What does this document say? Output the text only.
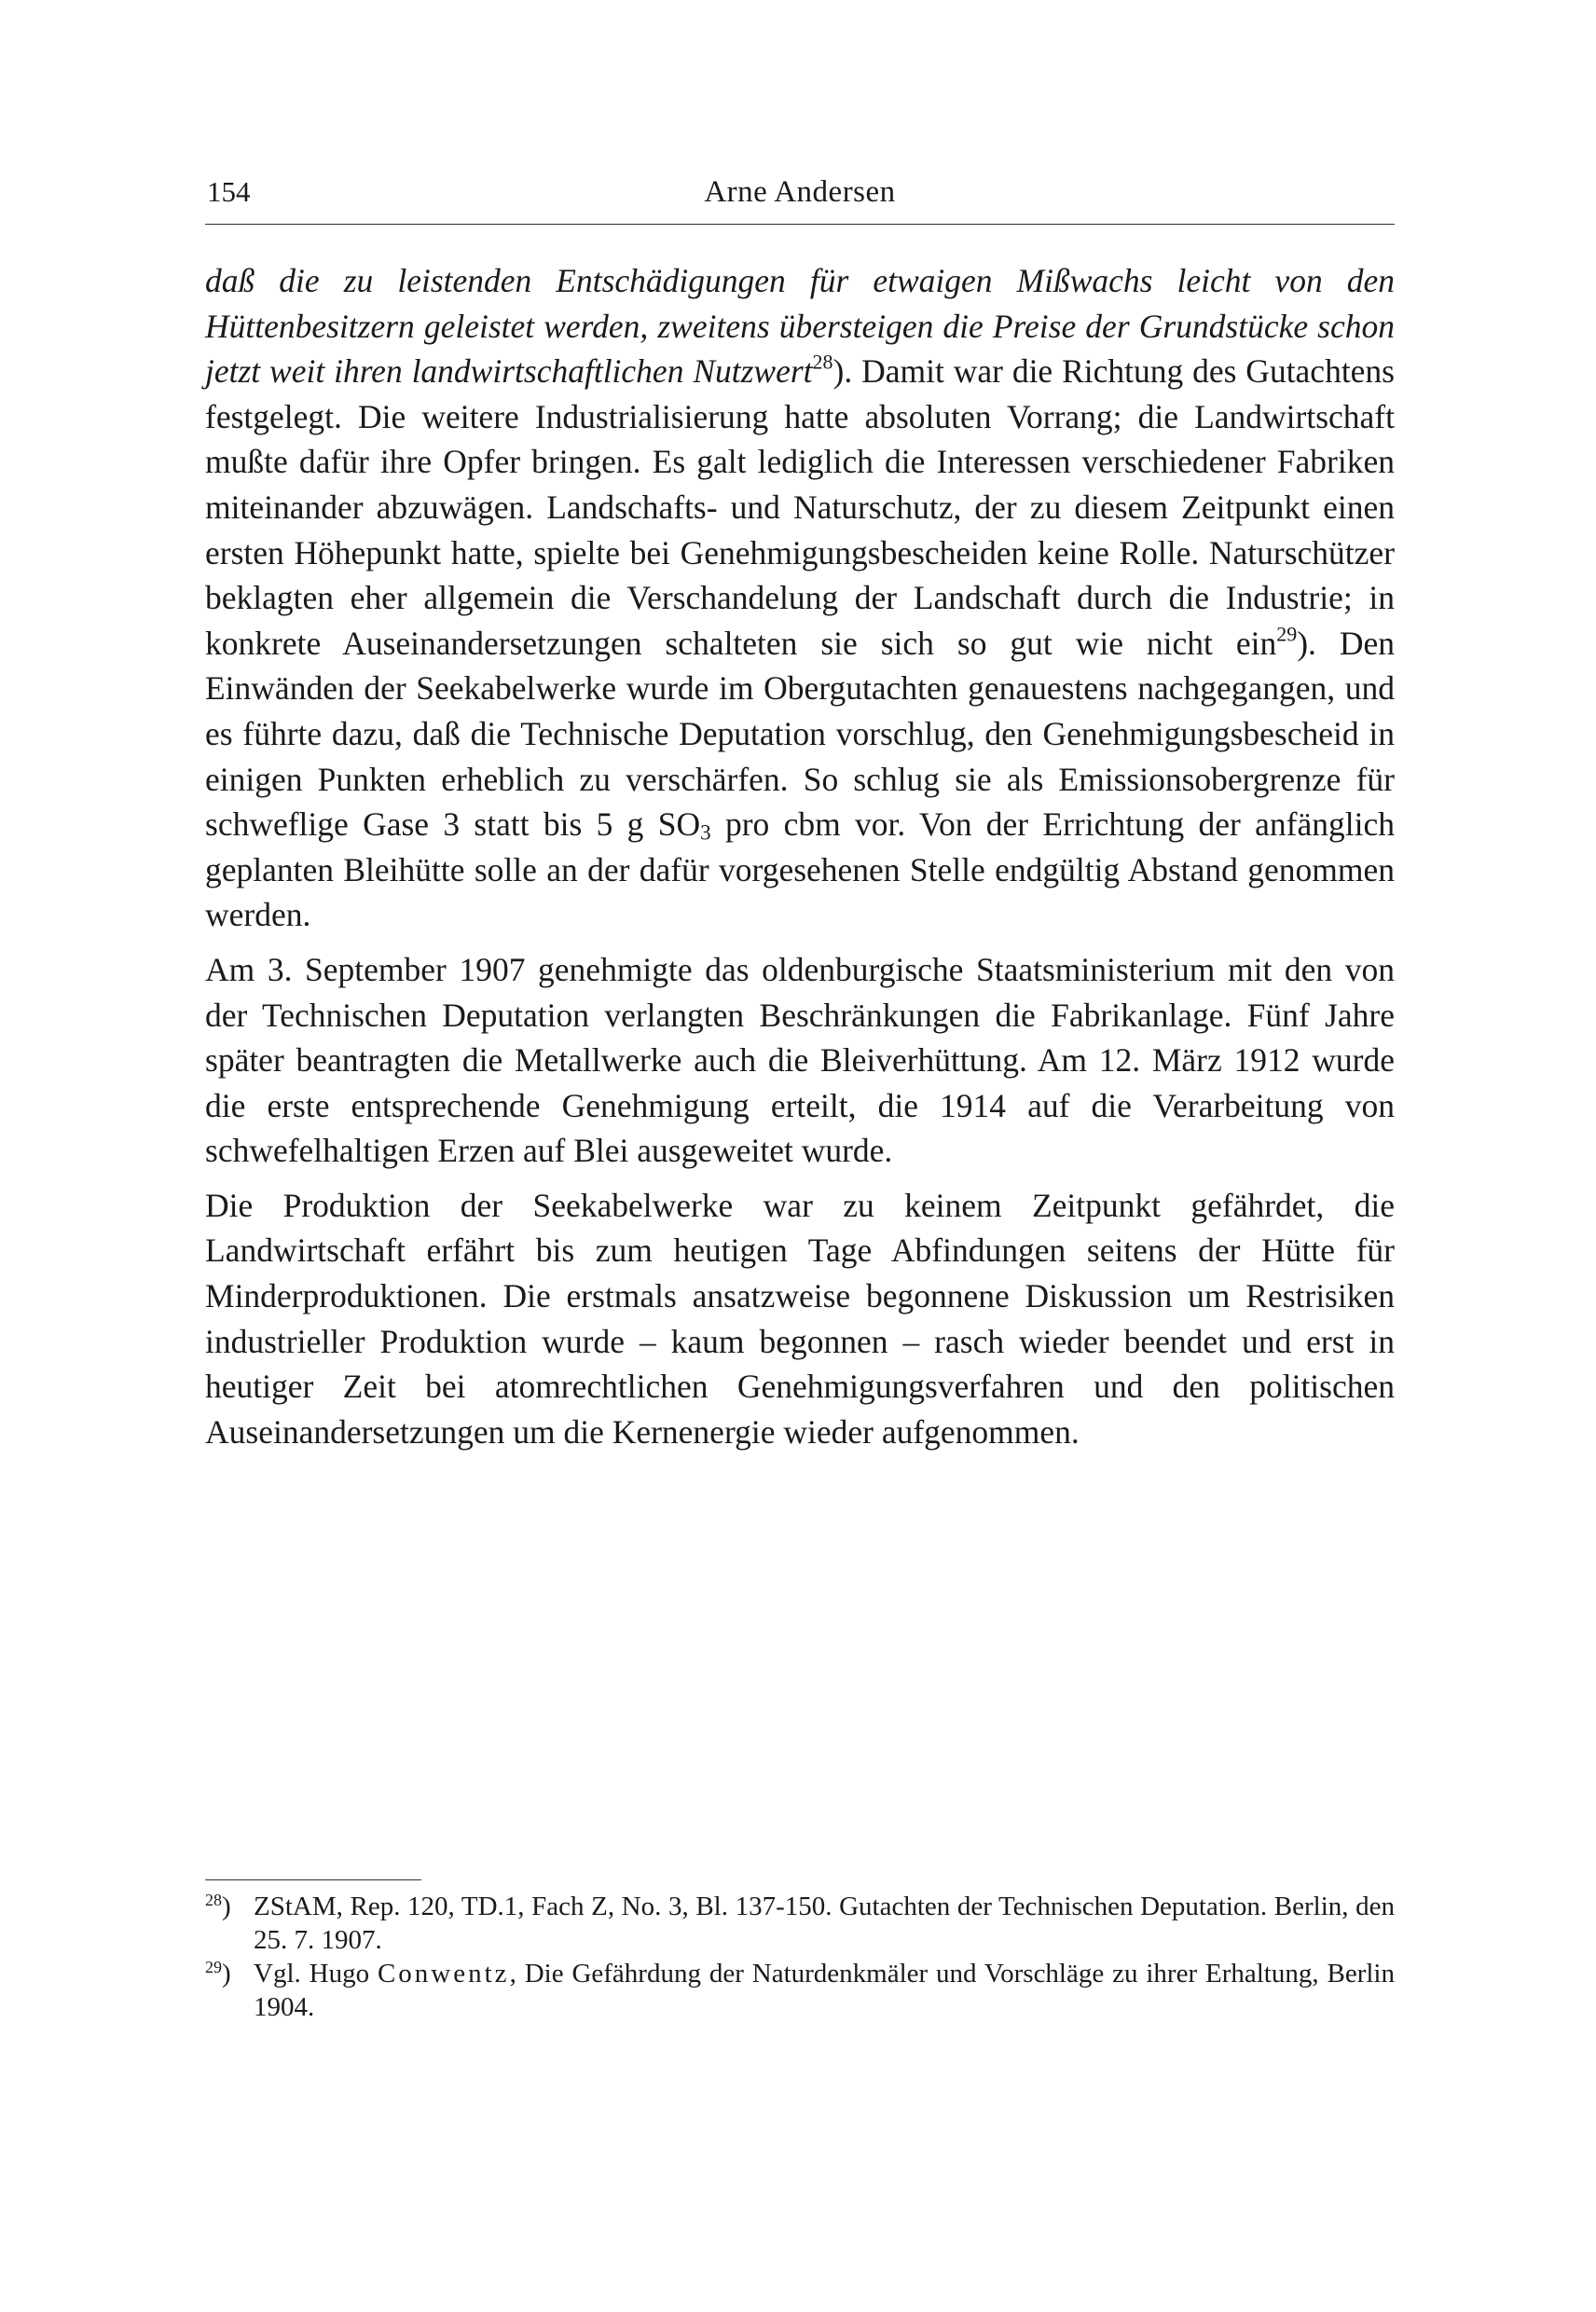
154	Arne Andersen

daß die zu leistenden Entschädigungen für etwaigen Mißwachs leicht von den Hüttenbesitzern geleistet werden, zweitens übersteigen die Preise der Grundstücke schon jetzt weit ihren landwirtschaftlichen Nutzwert$^{28}$). Damit war die Richtung des Gutachtens festgelegt. Die weitere Industrialisierung hatte absoluten Vorrang; die Landwirtschaft mußte dafür ihre Opfer bringen. Es galt lediglich die Interessen verschiedener Fabriken miteinander abzuwägen. Landschafts- und Naturschutz, der zu diesem Zeitpunkt einen ersten Höhepunkt hatte, spielte bei Genehmigungsbescheiden keine Rolle. Naturschützer beklagten eher allgemein die Verschandelung der Landschaft durch die Industrie; in konkrete Auseinandersetzungen schalteten sie sich so gut wie nicht ein$^{29}$). Den Einwänden der Seekabelwerke wurde im Obergutachten genauestens nachgegangen, und es führte dazu, daß die Technische Deputation vorschlug, den Genehmigungsbescheid in einigen Punkten erheblich zu verschärfen. So schlug sie als Emissionsobergrenze für schweflige Gase 3 statt bis 5 g $SO_3$ pro cbm vor. Von der Errichtung der anfänglich geplanten Bleihütte solle an der dafür vorgesehenen Stelle endgültig Abstand genommen werden.

Am 3. September 1907 genehmigte das oldenburgische Staatsministerium mit den von der Technischen Deputation verlangten Beschränkungen die Fabrikanlage. Fünf Jahre später beantragten die Metallwerke auch die Bleiverhüttung. Am 12. März 1912 wurde die erste entsprechende Genehmigung erteilt, die 1914 auf die Verarbeitung von schwefelhaltigen Erzen auf Blei ausgeweitet wurde.

Die Produktion der Seekabelwerke war zu keinem Zeitpunkt gefährdet, die Landwirtschaft erfährt bis zum heutigen Tage Abfindungen seitens der Hütte für Minderproduktionen. Die erstmals ansatzweise begonnene Diskussion um Restrisiken industrieller Produktion wurde – kaum begonnen – rasch wieder beendet und erst in heutiger Zeit bei atomrechtlichen Genehmigungsverfahren und den politischen Auseinandersetzungen um die Kernenergie wieder aufgenommen.

$^{28}$) ZStAM, Rep. 120, TD.1, Fach Z, No. 3, Bl. 137-150. Gutachten der Technischen Deputation. Berlin, den 25. 7. 1907.

$^{29}$) Vgl. Hugo Conwentz, Die Gefährdung der Naturdenkmäler und Vorschläge zu ihrer Erhaltung, Berlin 1904.
